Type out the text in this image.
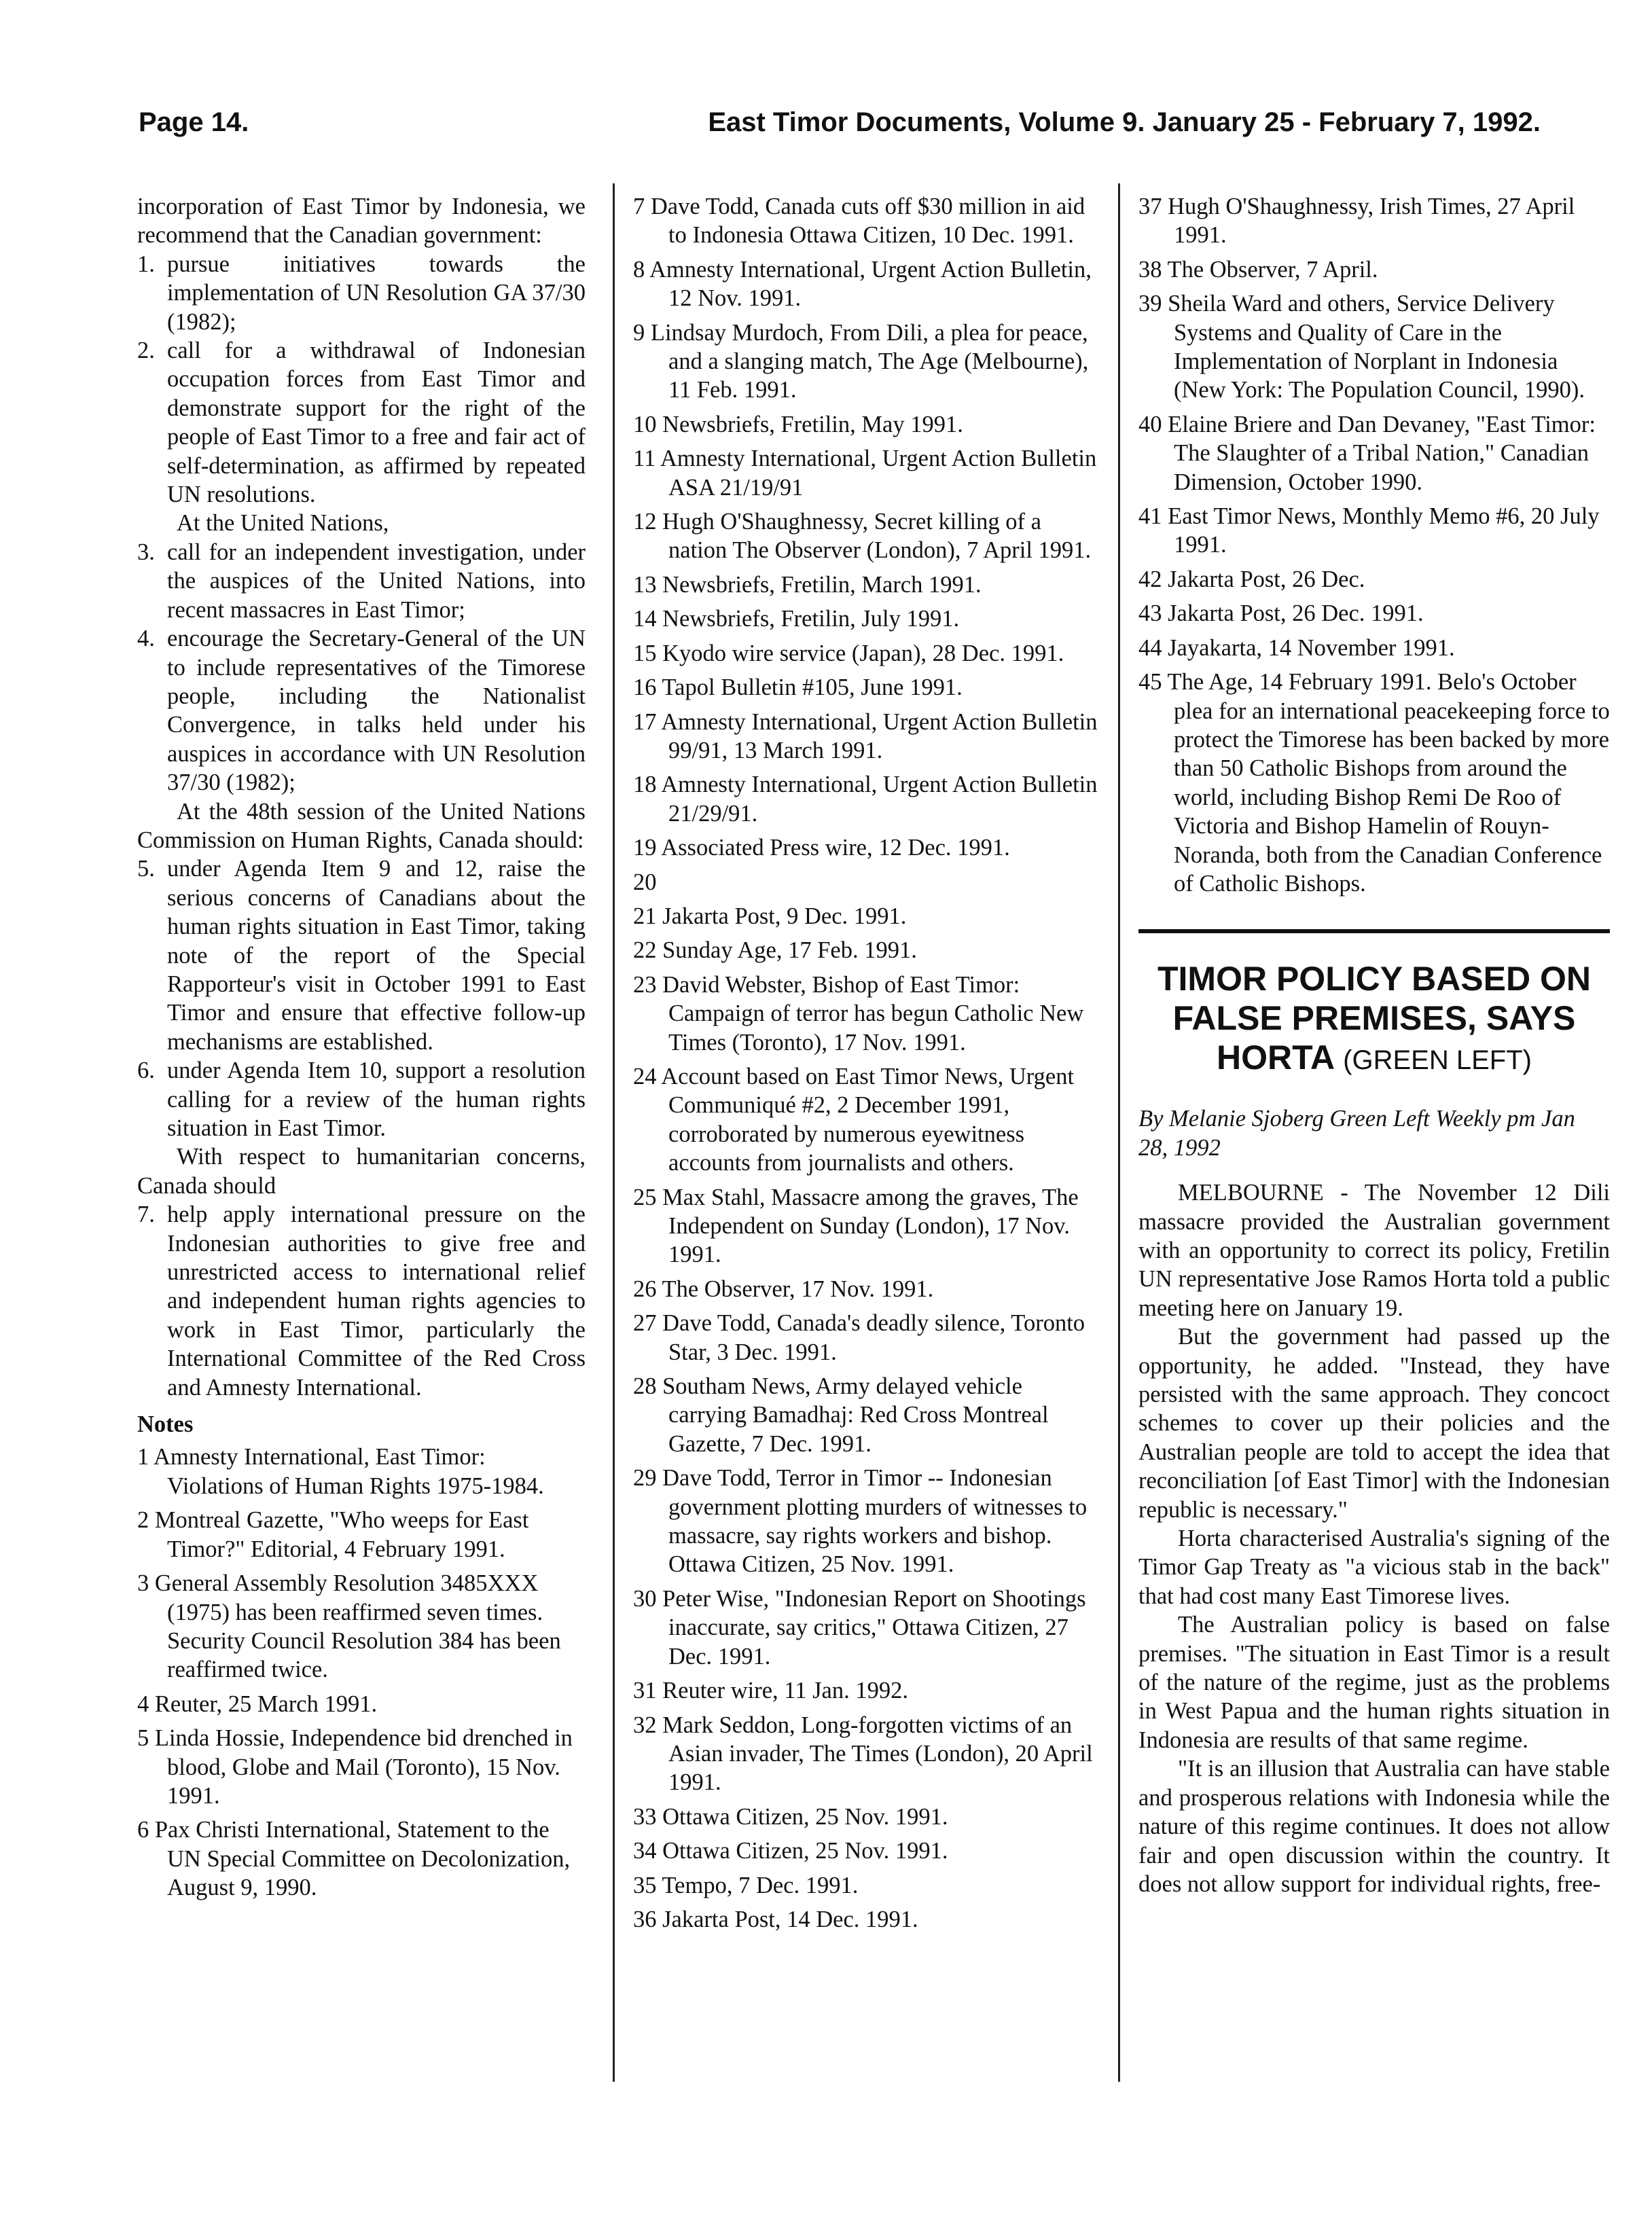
Page 14.	East Timor Documents, Volume 9. January 25 - February 7, 1992.

incorporation of East Timor by Indonesia, we recommend that the Canadian government:

1. pursue initiatives towards the implementation of UN Resolution GA 37/30 (1982);
2. call for a withdrawal of Indonesian occupation forces from East Timor and demonstrate support for the right of the people of East Timor to a free and fair act of self-determination, as affirmed by repeated UN resolutions.

At the United Nations,

3. call for an independent investigation, under the auspices of the United Nations, into recent massacres in East Timor;
4. encourage the Secretary-General of the UN to include representatives of the Timorese people, including the Nationalist Convergence, in talks held under his auspices in accordance with UN Resolution 37/30 (1982);

At the 48th session of the United Nations Commission on Human Rights, Canada should:

5. under Agenda Item 9 and 12, raise the serious concerns of Canadians about the human rights situation in East Timor, taking note of the report of the Special Rapporteur's visit in October 1991 to East Timor and ensure that effective follow-up mechanisms are established.
6. under Agenda Item 10, support a resolution calling for a review of the human rights situation in East Timor.

With respect to humanitarian concerns, Canada should

7. help apply international pressure on the Indonesian authorities to give free and unrestricted access to international relief and independent human rights agencies to work in East Timor, particularly the International Committee of the Red Cross and Amnesty International.

Notes

1 Amnesty International, East Timor: Violations of Human Rights 1975-1984.
2 Montreal Gazette, "Who weeps for East Timor?" Editorial, 4 February 1991.
3 General Assembly Resolution 3485XXX (1975) has been reaffirmed seven times. Security Council Resolution 384 has been reaffirmed twice.
4 Reuter, 25 March 1991.
5 Linda Hossie, Independence bid drenched in blood, Globe and Mail (Toronto), 15 Nov. 1991.
6 Pax Christi International, Statement to the UN Special Committee on Decolonization, August 9, 1990.
7 Dave Todd, Canada cuts off $30 million in aid to Indonesia Ottawa Citizen, 10 Dec. 1991.
8 Amnesty International, Urgent Action Bulletin, 12 Nov. 1991.
9 Lindsay Murdoch, From Dili, a plea for peace, and a slanging match, The Age (Melbourne), 11 Feb. 1991.
10 Newsbriefs, Fretilin, May 1991.
11 Amnesty International, Urgent Action Bulletin ASA 21/19/91
12 Hugh O'Shaughnessy, Secret killing of a nation The Observer (London), 7 April 1991.
13 Newsbriefs, Fretilin, March 1991.
14 Newsbriefs, Fretilin, July 1991.
15 Kyodo wire service (Japan), 28 Dec. 1991.
16 Tapol Bulletin #105, June 1991.
17 Amnesty International, Urgent Action Bulletin 99/91, 13 March 1991.
18 Amnesty International, Urgent Action Bulletin 21/29/91.
19 Associated Press wire, 12 Dec. 1991.
20
21 Jakarta Post, 9 Dec. 1991.
22 Sunday Age, 17 Feb. 1991.
23 David Webster, Bishop of East Timor: Campaign of terror has begun Catholic New Times (Toronto), 17 Nov. 1991.
24 Account based on East Timor News, Urgent Communiqué #2, 2 December 1991, corroborated by numerous eyewitness accounts from journalists and others.
25 Max Stahl, Massacre among the graves, The Independent on Sunday (London), 17 Nov. 1991.
26 The Observer, 17 Nov. 1991.
27 Dave Todd, Canada's deadly silence, Toronto Star, 3 Dec. 1991.
28 Southam News, Army delayed vehicle carrying Bamadhaj: Red Cross Montreal Gazette, 7 Dec. 1991.
29 Dave Todd, Terror in Timor -- Indonesian government plotting murders of witnesses to massacre, say rights workers and bishop. Ottawa Citizen, 25 Nov. 1991.
30 Peter Wise, "Indonesian Report on Shootings inaccurate, say critics," Ottawa Citizen, 27 Dec. 1991.
31 Reuter wire, 11 Jan. 1992.
32 Mark Seddon, Long-forgotten victims of an Asian invader, The Times (London), 20 April 1991.
33 Ottawa Citizen, 25 Nov. 1991.
34 Ottawa Citizen, 25 Nov. 1991.
35 Tempo, 7 Dec. 1991.
36 Jakarta Post, 14 Dec. 1991.
37 Hugh O'Shaughnessy, Irish Times, 27 April 1991.
38 The Observer, 7 April.
39 Sheila Ward and others, Service Delivery Systems and Quality of Care in the Implementation of Norplant in Indonesia (New York: The Population Council, 1990).
40 Elaine Briere and Dan Devaney, "East Timor: The Slaughter of a Tribal Nation," Canadian Dimension, October 1990.
41 East Timor News, Monthly Memo #6, 20 July 1991.
42 Jakarta Post, 26 Dec.
43 Jakarta Post, 26 Dec. 1991.
44 Jayakarta, 14 November 1991.
45 The Age, 14 February 1991. Belo's October plea for an international peacekeeping force to protect the Timorese has been backed by more than 50 Catholic Bishops from around the world, including Bishop Remi De Roo of Victoria and Bishop Hamelin of Rouyn-Noranda, both from the Canadian Conference of Catholic Bishops.
TIMOR POLICY BASED ON FALSE PREMISES, SAYS HORTA (GREEN LEFT)

By Melanie Sjoberg Green Left Weekly pm Jan 28, 1992

MELBOURNE - The November 12 Dili massacre provided the Australian government with an opportunity to correct its policy, Fretilin UN representative Jose Ramos Horta told a public meeting here on January 19.

But the government had passed up the opportunity, he added. "Instead, they have persisted with the same approach. They concoct schemes to cover up their policies and the Australian people are told to accept the idea that reconciliation [of East Timor] with the Indonesian republic is necessary."

Horta characterised Australia's signing of the Timor Gap Treaty as "a vicious stab in the back" that had cost many East Timorese lives.

The Australian policy is based on false premises. "The situation in East Timor is a result of the nature of the regime, just as the problems in West Papua and the human rights situation in Indonesia are results of that same regime.

"It is an illusion that Australia can have stable and prosperous relations with Indonesia while the nature of this regime continues. It does not allow fair and open discussion within the country. It does not allow support for individual rights, free-
